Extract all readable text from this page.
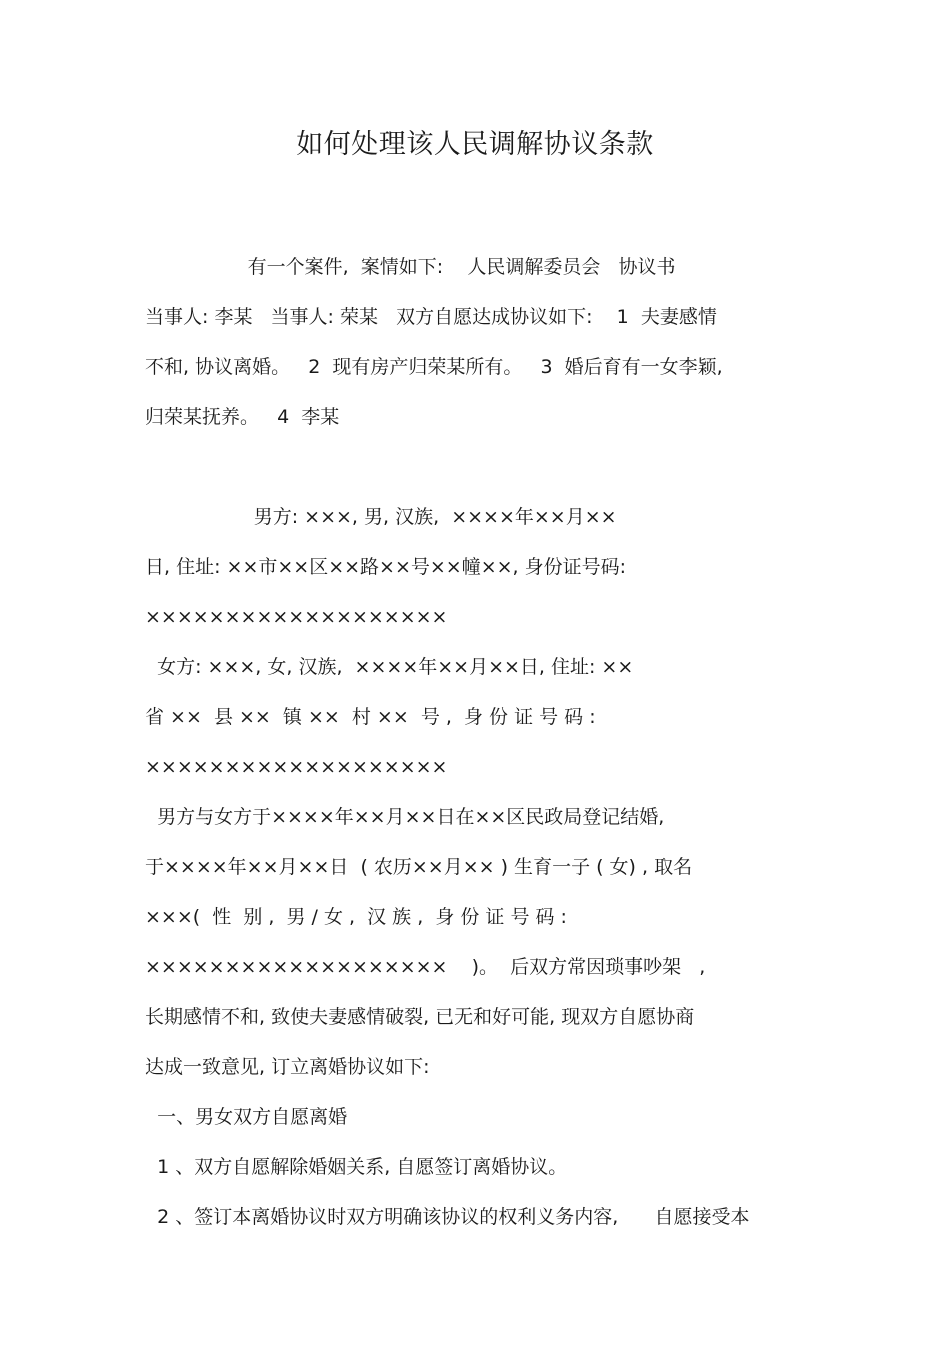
如何处理该人民调解协议条款
有一个案件,  案情如下:    人民调解委员会   协议书
当事人: 李某   当事人: 荣某   双方自愿达成协议如下:    1  夫妻感情
不和, 协议离婚。   2  现有房产归荣某所有。   3  婚后育有一女李颖,
归荣某抚养。   4  李某
男方: ×××, 男, 汉族,  ××××年××月××
日, 住址: ××市××区××路××号××幢××, 身份证号码:
×××××××××××××××××××
女方: ×××, 女, 汉族,  ××××年××月××日, 住址: ××
省 ××  县 ××  镇 ××  村 ××  号 ,  身 份 证 号 码 :
×××××××××××××××××××
男方与女方于××××年××月××日在××区民政局登记结婚,
于××××年××月××日  ( 农历××月×× ) 生育一子 ( 女) , 取名
×××(  性  别 ,  男 / 女 ,  汉 族 ,  身 份 证 号 码 :
×××××××××××××××××××    )。  后双方常因琐事吵架   ,
长期感情不和, 致使夫妻感情破裂, 已无和好可能, 现双方自愿协商
达成一致意见, 订立离婚协议如下:
一、男女双方自愿离婚
1 、双方自愿解除婚姻关系, 自愿签订离婚协议。
2 、签订本离婚协议时双方明确该协议的权利义务内容,      自愿接受本
